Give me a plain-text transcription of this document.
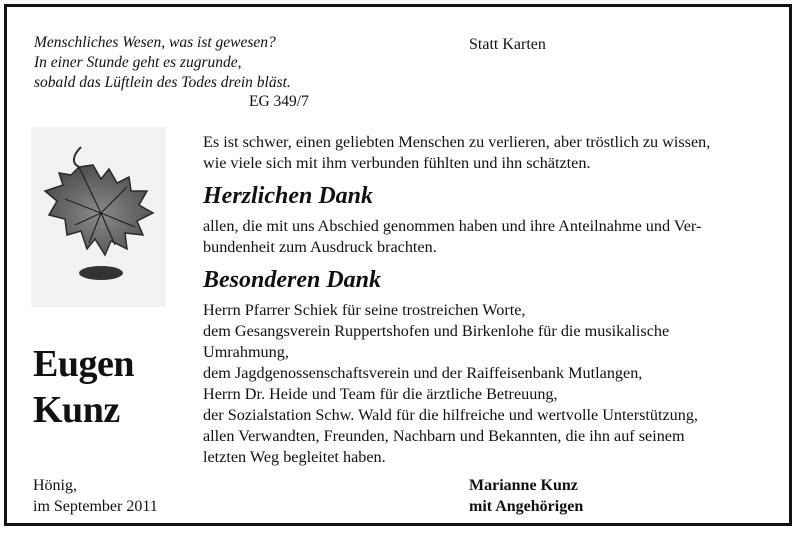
Menschliches Wesen, was ist gewesen?
In einer Stunde geht es zugrunde,
sobald das Lüftlein des Todes drein bläst.
EG 349/7
Statt Karten
Eugen
Kunz

Es ist schwer, einen geliebten Menschen zu verlieren, aber tröstlich zu wissen,
wie viele sich mit ihm verbunden fühlten und ihn schätzten.

Herzlichen Dank

allen, die mit uns Abschied genommen haben und ihre Anteilnahme und Ver-
bundenheit zum Ausdruck brachten.

Besonderen Dank

Herrn Pfarrer Schiek für seine trostreichen Worte,
dem Gesangsverein Ruppertshofen und Birkenlohe für die musikalische
Umrahmung,
dem Jagdgenossenschaftsverein und der Raiffeisenbank Mutlangen,
Herrn Dr. Heide und Team für die ärztliche Betreuung,
der Sozialstation Schw. Wald für die hilfreiche und wertvolle Unterstützung,
allen Verwandten, Freunden, Nachbarn und Bekannten, die ihn auf seinem
letzten Weg begleitet haben.

Hönig,
im September 2011
Marianne Kunz
mit Angehörigen
